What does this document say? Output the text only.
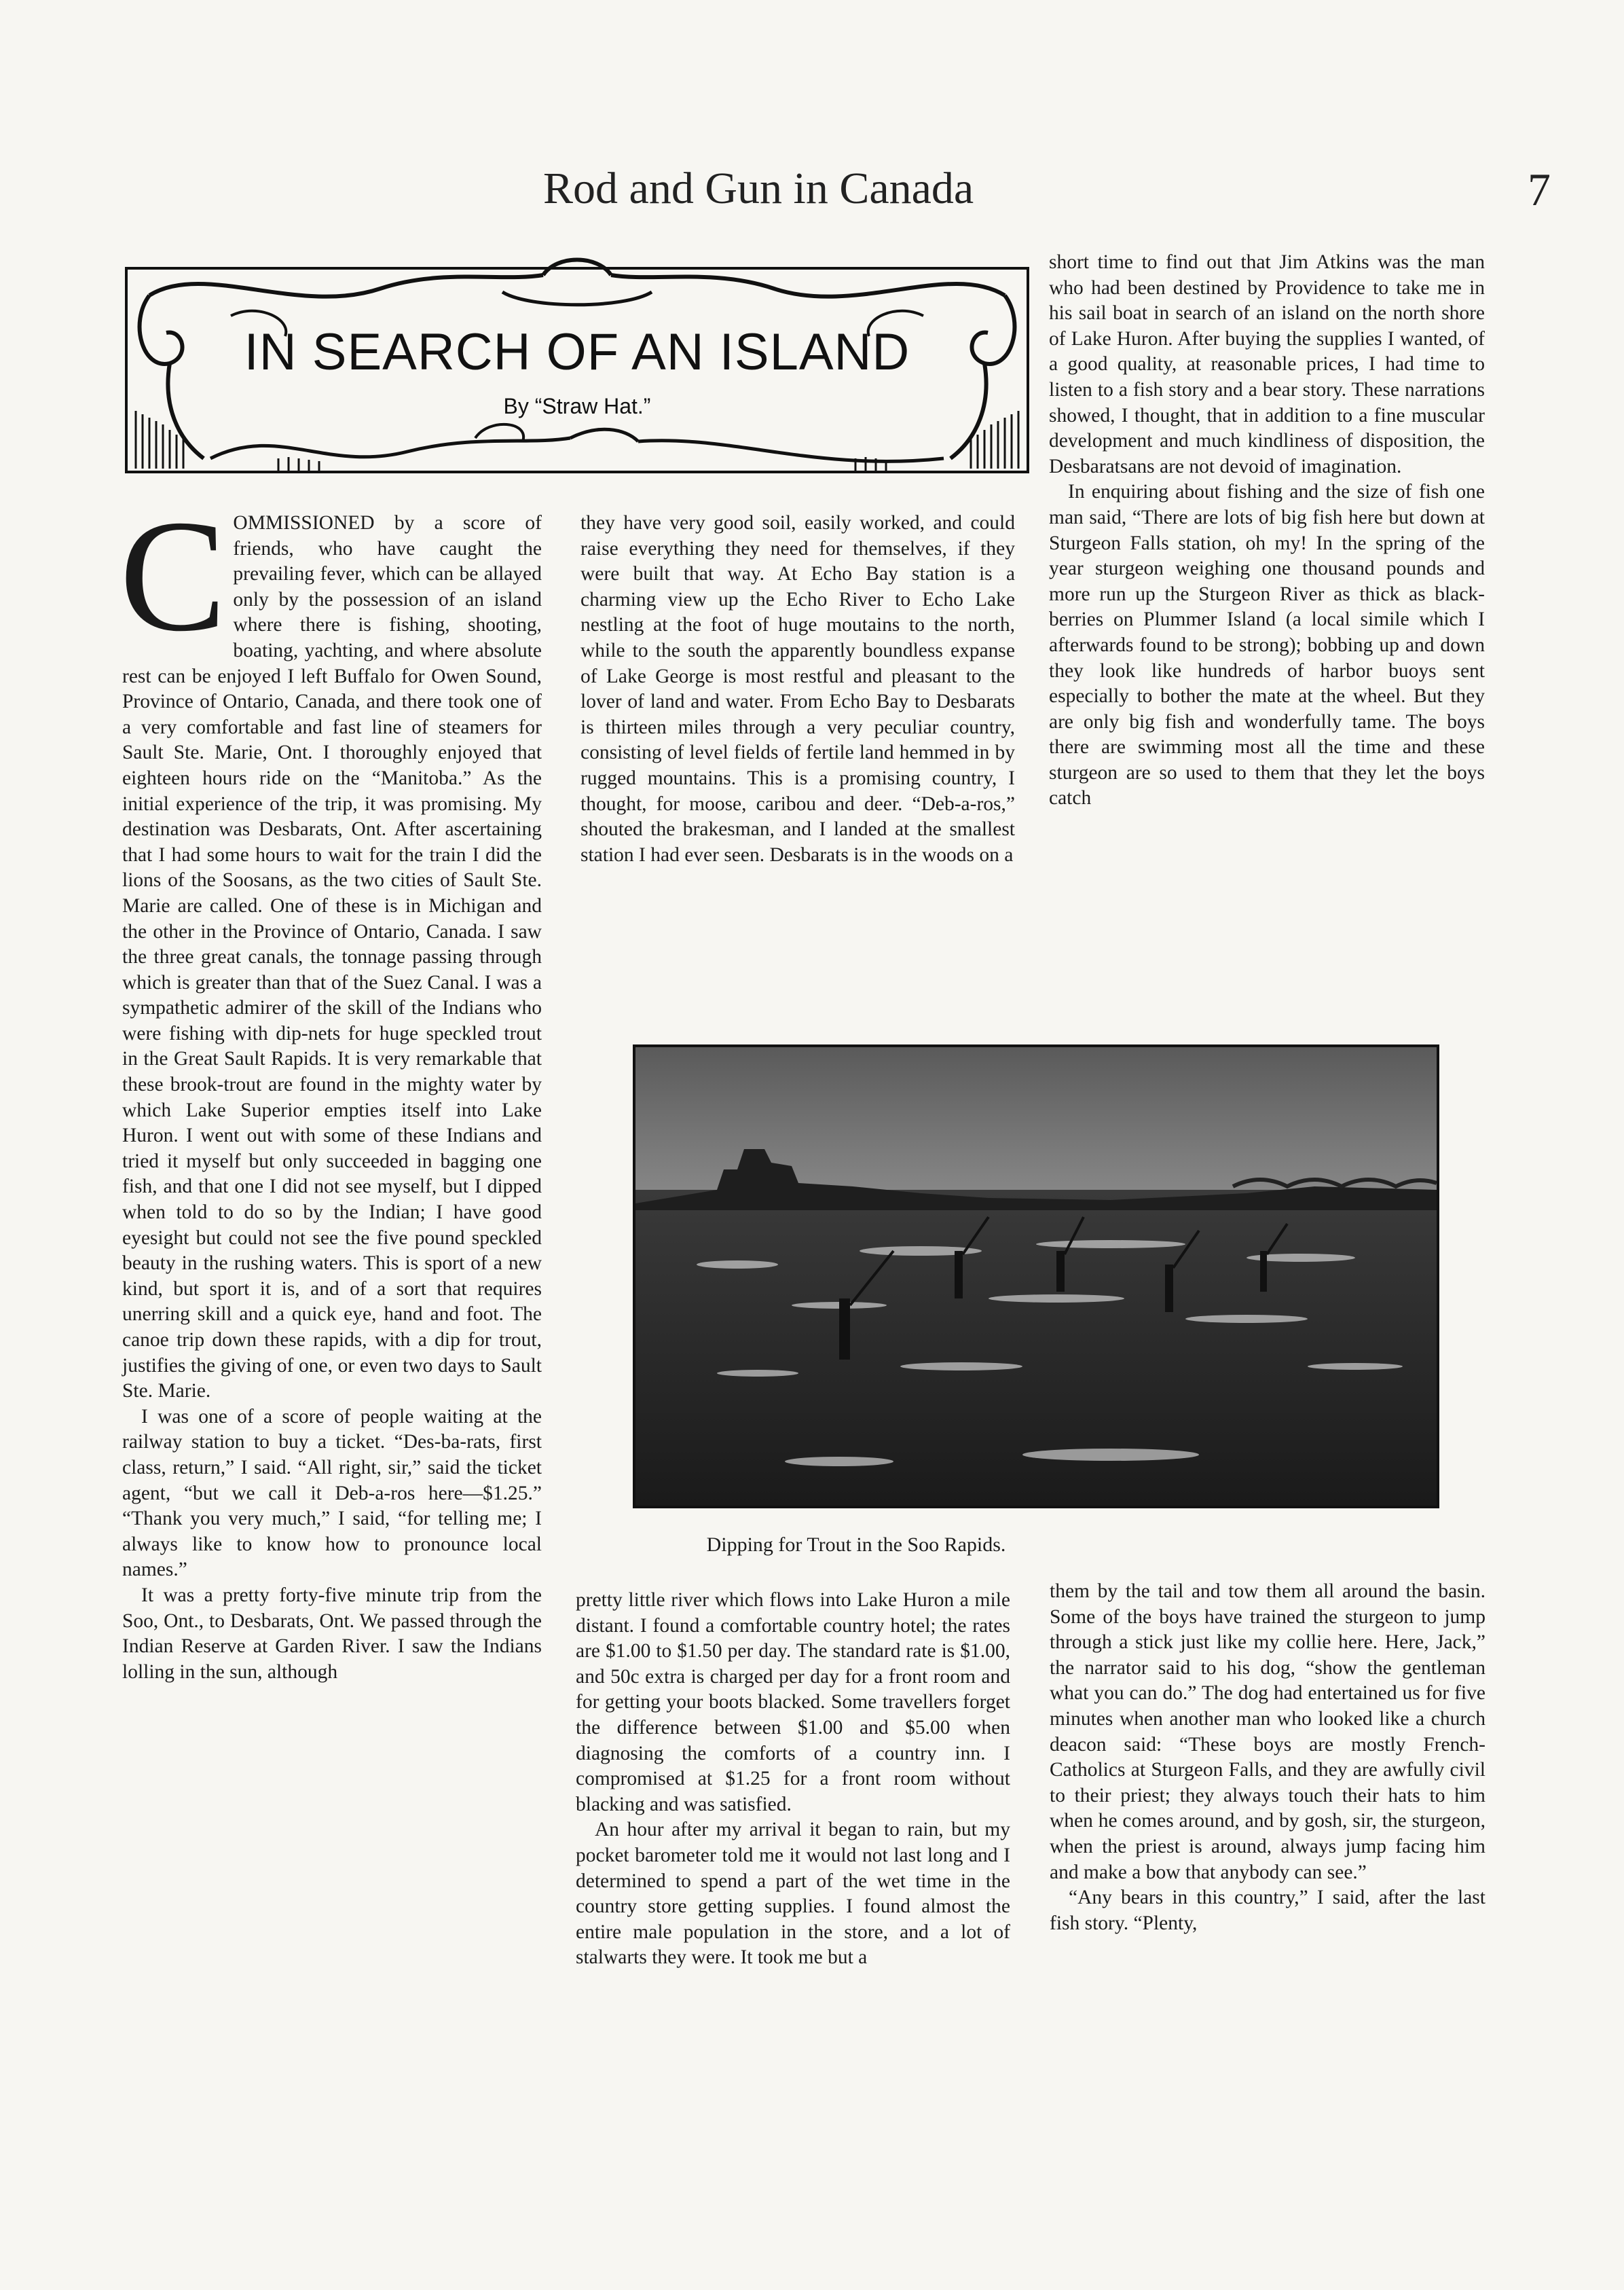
Rod and Gun in Canada	7
IN SEARCH OF AN ISLAND
By “Straw Hat.”

COMMISSIONED by a score of friends, who have caught the prevailing fever, which can be allayed only by the possession of an island where there is fishing, shooting, boating, yachting, and where absolute rest can be enjoyed I left Buffalo for Owen Sound, Province of Ontario, Canada, and there took one of a very comfortable and fast line of steamers for Sault Ste. Marie, Ont. I thoroughly enjoyed that eighteen hours ride on the “Manitoba.” As the initial experience of the trip, it was promising. My destination was Desbarats, Ont. After ascertaining that I had some hours to wait for the train I did the lions of the Soosans, as the two cities of Sault Ste. Marie are called. One of these is in Michigan and the other in the Province of Ontario, Canada. I saw the three great canals, the tonnage passing through which is greater than that of the Suez Canal. I was a sympathetic admirer of the skill of the Indians who were fishing with dip-nets for huge speckled trout in the Great Sault Rapids. It is very remarkable that these brook-trout are found in the mighty water by which Lake Superior empties itself into Lake Huron. I went out with some of these Indians and tried it myself but only succeeded in bagging one fish, and that one I did not see myself, but I dipped when told to do so by the Indian; I have good eyesight but could not see the five pound speckled beauty in the rushing waters. This is sport of a new kind, but sport it is, and of a sort that requires unerring skill and a quick eye, hand and foot. The canoe trip down these rapids, with a dip for trout, justifies the giving of one, or even two days to Sault Ste. Marie.

I was one of a score of people waiting at the railway station to buy a ticket. “Des-ba-rats, first class, return,” I said. “All right, sir,” said the ticket agent, “but we call it Deb-a-ros here—$1.25.” “Thank you very much,” I said, “for telling me; I always like to know how to pronounce local names.”

It was a pretty forty-five minute trip from the Soo, Ont., to Desbarats, Ont. We passed through the Indian Reserve at Garden River. I saw the Indians lolling in the sun, although

they have very good soil, easily worked, and could raise everything they need for themselves, if they were built that way. At Echo Bay station is a charming view up the Echo River to Echo Lake nestling at the foot of huge moutains to the north, while to the south the apparently boundless expanse of Lake George is most restful and pleasant to the lover of land and water. From Echo Bay to Desbarats is thirteen miles through a very peculiar country, consisting of level fields of fertile land hemmed in by rugged mountains. This is a promising country, I thought, for moose, caribou and deer. “Deb-a-ros,” shouted the brakesman, and I landed at the smallest station I had ever seen. Desbarats is in the woods on a

short time to find out that Jim Atkins was the man who had been destined by Providence to take me in his sail boat in search of an island on the north shore of Lake Huron. After buying the supplies I wanted, of a good quality, at reasonable prices, I had time to listen to a fish story and a bear story. These narrations showed, I thought, that in addition to a fine muscular development and much kindliness of disposition, the Desbaratsans are not devoid of imagination.

In enquiring about fishing and the size of fish one man said, “There are lots of big fish here but down at Sturgeon Falls station, oh my! In the spring of the year sturgeon weighing one thousand pounds and more run up the Sturgeon River as thick as black-berries on Plummer Island (a local simile which I afterwards found to be strong); bobbing up and down they look like hundreds of harbor buoys sent especially to bother the mate at the wheel. But they are only big fish and wonderfully tame. The boys there are swimming most all the time and these sturgeon are so used to them that they let the boys catch

Dipping for Trout in the Soo Rapids.

pretty little river which flows into Lake Huron a mile distant. I found a comfortable country hotel; the rates are $1.00 to $1.50 per day. The standard rate is $1.00, and 50c extra is charged per day for a front room and for getting your boots blacked. Some travellers forget the difference between $1.00 and $5.00 when diagnosing the comforts of a country inn. I compromised at $1.25 for a front room without blacking and was satisfied.

An hour after my arrival it began to rain, but my pocket barometer told me it would not last long and I determined to spend a part of the wet time in the country store getting supplies. I found almost the entire male population in the store, and a lot of stalwarts they were. It took me but a

them by the tail and tow them all around the basin. Some of the boys have trained the sturgeon to jump through a stick just like my collie here. Here, Jack,” the narrator said to his dog, “show the gentleman what you can do.” The dog had entertained us for five minutes when another man who looked like a church deacon said: “These boys are mostly French-Catholics at Sturgeon Falls, and they are awfully civil to their priest; they always touch their hats to him when he comes around, and by gosh, sir, the sturgeon, when the priest is around, always jump facing him and make a bow that anybody can see.”

“Any bears in this country,” I said, after the last fish story. “Plenty,
